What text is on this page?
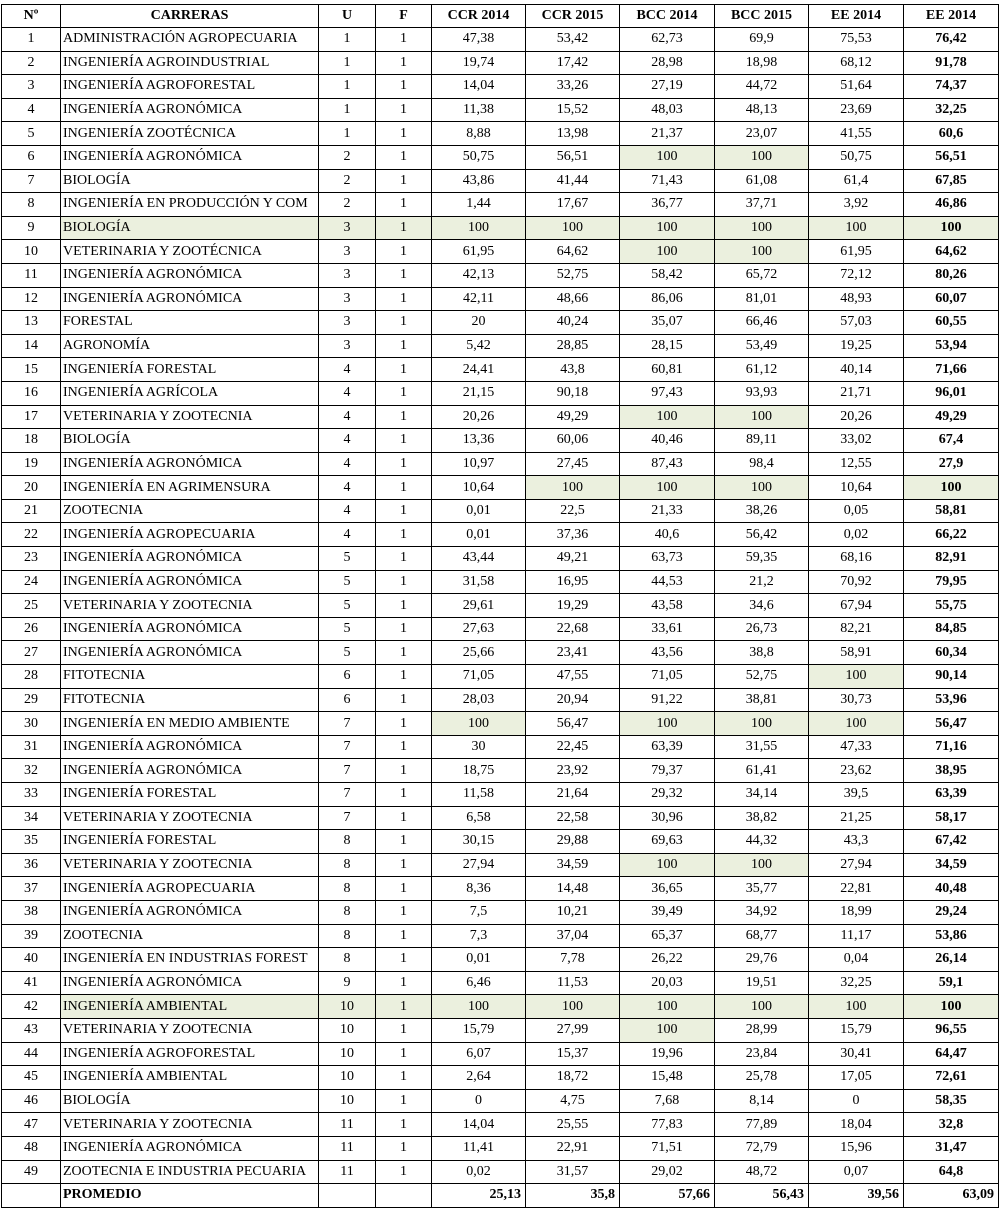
Nº	CARRERAS	U	F	CCR 2014	CCR 2015	BCC 2014	BCC 2015	EE 2014	EE 2014
1	ADMINISTRACIÓN AGROPECUARIA	1	1	47,38	53,42	62,73	69,9	75,53	76,42
2	INGENIERÍA AGROINDUSTRIAL	1	1	19,74	17,42	28,98	18,98	68,12	91,78
3	INGENIERÍA AGROFORESTAL	1	1	14,04	33,26	27,19	44,72	51,64	74,37
4	INGENIERÍA AGRONÓMICA	1	1	11,38	15,52	48,03	48,13	23,69	32,25
5	INGENIERÍA ZOOTÉCNICA	1	1	8,88	13,98	21,37	23,07	41,55	60,6
6	INGENIERÍA AGRONÓMICA	2	1	50,75	56,51	100	100	50,75	56,51
7	BIOLOGÍA	2	1	43,86	41,44	71,43	61,08	61,4	67,85
8	INGENIERÍA EN PRODUCCIÓN Y COM	2	1	1,44	17,67	36,77	37,71	3,92	46,86
9	BIOLOGÍA	3	1	100	100	100	100	100	100
10	VETERINARIA Y ZOOTÉCNICA	3	1	61,95	64,62	100	100	61,95	64,62
11	INGENIERÍA AGRONÓMICA	3	1	42,13	52,75	58,42	65,72	72,12	80,26
12	INGENIERÍA AGRONÓMICA	3	1	42,11	48,66	86,06	81,01	48,93	60,07
13	FORESTAL	3	1	20	40,24	35,07	66,46	57,03	60,55
14	AGRONOMÍA	3	1	5,42	28,85	28,15	53,49	19,25	53,94
15	INGENIERÍA FORESTAL	4	1	24,41	43,8	60,81	61,12	40,14	71,66
16	INGENIERÍA AGRÍCOLA	4	1	21,15	90,18	97,43	93,93	21,71	96,01
17	VETERINARIA Y ZOOTECNIA	4	1	20,26	49,29	100	100	20,26	49,29
18	BIOLOGÍA	4	1	13,36	60,06	40,46	89,11	33,02	67,4
19	INGENIERÍA AGRONÓMICA	4	1	10,97	27,45	87,43	98,4	12,55	27,9
20	INGENIERÍA EN AGRIMENSURA	4	1	10,64	100	100	100	10,64	100
21	ZOOTECNIA	4	1	0,01	22,5	21,33	38,26	0,05	58,81
22	INGENIERÍA AGROPECUARIA	4	1	0,01	37,36	40,6	56,42	0,02	66,22
23	INGENIERÍA AGRONÓMICA	5	1	43,44	49,21	63,73	59,35	68,16	82,91
24	INGENIERÍA AGRONÓMICA	5	1	31,58	16,95	44,53	21,2	70,92	79,95
25	VETERINARIA Y ZOOTECNIA	5	1	29,61	19,29	43,58	34,6	67,94	55,75
26	INGENIERÍA AGRONÓMICA	5	1	27,63	22,68	33,61	26,73	82,21	84,85
27	INGENIERÍA AGRONÓMICA	5	1	25,66	23,41	43,56	38,8	58,91	60,34
28	FITOTECNIA	6	1	71,05	47,55	71,05	52,75	100	90,14
29	FITOTECNIA	6	1	28,03	20,94	91,22	38,81	30,73	53,96
30	INGENIERÍA EN MEDIO AMBIENTE	7	1	100	56,47	100	100	100	56,47
31	INGENIERÍA AGRONÓMICA	7	1	30	22,45	63,39	31,55	47,33	71,16
32	INGENIERÍA AGRONÓMICA	7	1	18,75	23,92	79,37	61,41	23,62	38,95
33	INGENIERÍA FORESTAL	7	1	11,58	21,64	29,32	34,14	39,5	63,39
34	VETERINARIA Y ZOOTECNIA	7	1	6,58	22,58	30,96	38,82	21,25	58,17
35	INGENIERÍA FORESTAL	8	1	30,15	29,88	69,63	44,32	43,3	67,42
36	VETERINARIA Y ZOOTECNIA	8	1	27,94	34,59	100	100	27,94	34,59
37	INGENIERÍA AGROPECUARIA	8	1	8,36	14,48	36,65	35,77	22,81	40,48
38	INGENIERÍA AGRONÓMICA	8	1	7,5	10,21	39,49	34,92	18,99	29,24
39	ZOOTECNIA	8	1	7,3	37,04	65,37	68,77	11,17	53,86
40	INGENIERÍA EN INDUSTRIAS FOREST	8	1	0,01	7,78	26,22	29,76	0,04	26,14
41	INGENIERÍA AGRONÓMICA	9	1	6,46	11,53	20,03	19,51	32,25	59,1
42	INGENIERÍA AMBIENTAL	10	1	100	100	100	100	100	100
43	VETERINARIA Y ZOOTECNIA	10	1	15,79	27,99	100	28,99	15,79	96,55
44	INGENIERÍA AGROFORESTAL	10	1	6,07	15,37	19,96	23,84	30,41	64,47
45	INGENIERÍA AMBIENTAL	10	1	2,64	18,72	15,48	25,78	17,05	72,61
46	BIOLOGÍA	10	1	0	4,75	7,68	8,14	0	58,35
47	VETERINARIA Y ZOOTECNIA	11	1	14,04	25,55	77,83	77,89	18,04	32,8
48	INGENIERÍA AGRONÓMICA	11	1	11,41	22,91	71,51	72,79	15,96	31,47
49	ZOOTECNIA E INDUSTRIA PECUARIA	11	1	0,02	31,57	29,02	48,72	0,07	64,8
	PROMEDIO			25,13	35,8	57,66	56,43	39,56	63,09
